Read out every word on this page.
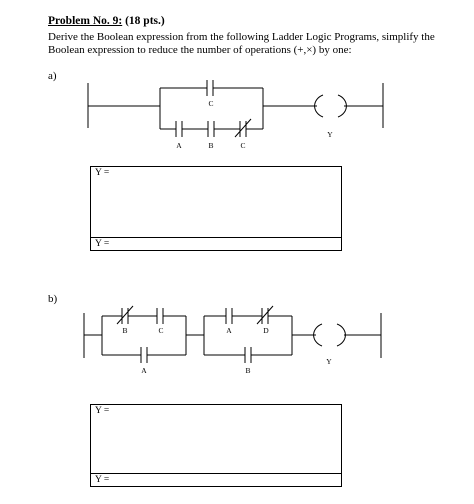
Problem No. 9: (18 pts.)
Derive the Boolean expression from the following Ladder Logic Programs, simplify the Boolean expression to reduce the number of operations (+,×) by one:
a)
b)
C
A	B	C
Y
B	C	A	D
A	B
Y
Y =
Y =
Y =
Y =
